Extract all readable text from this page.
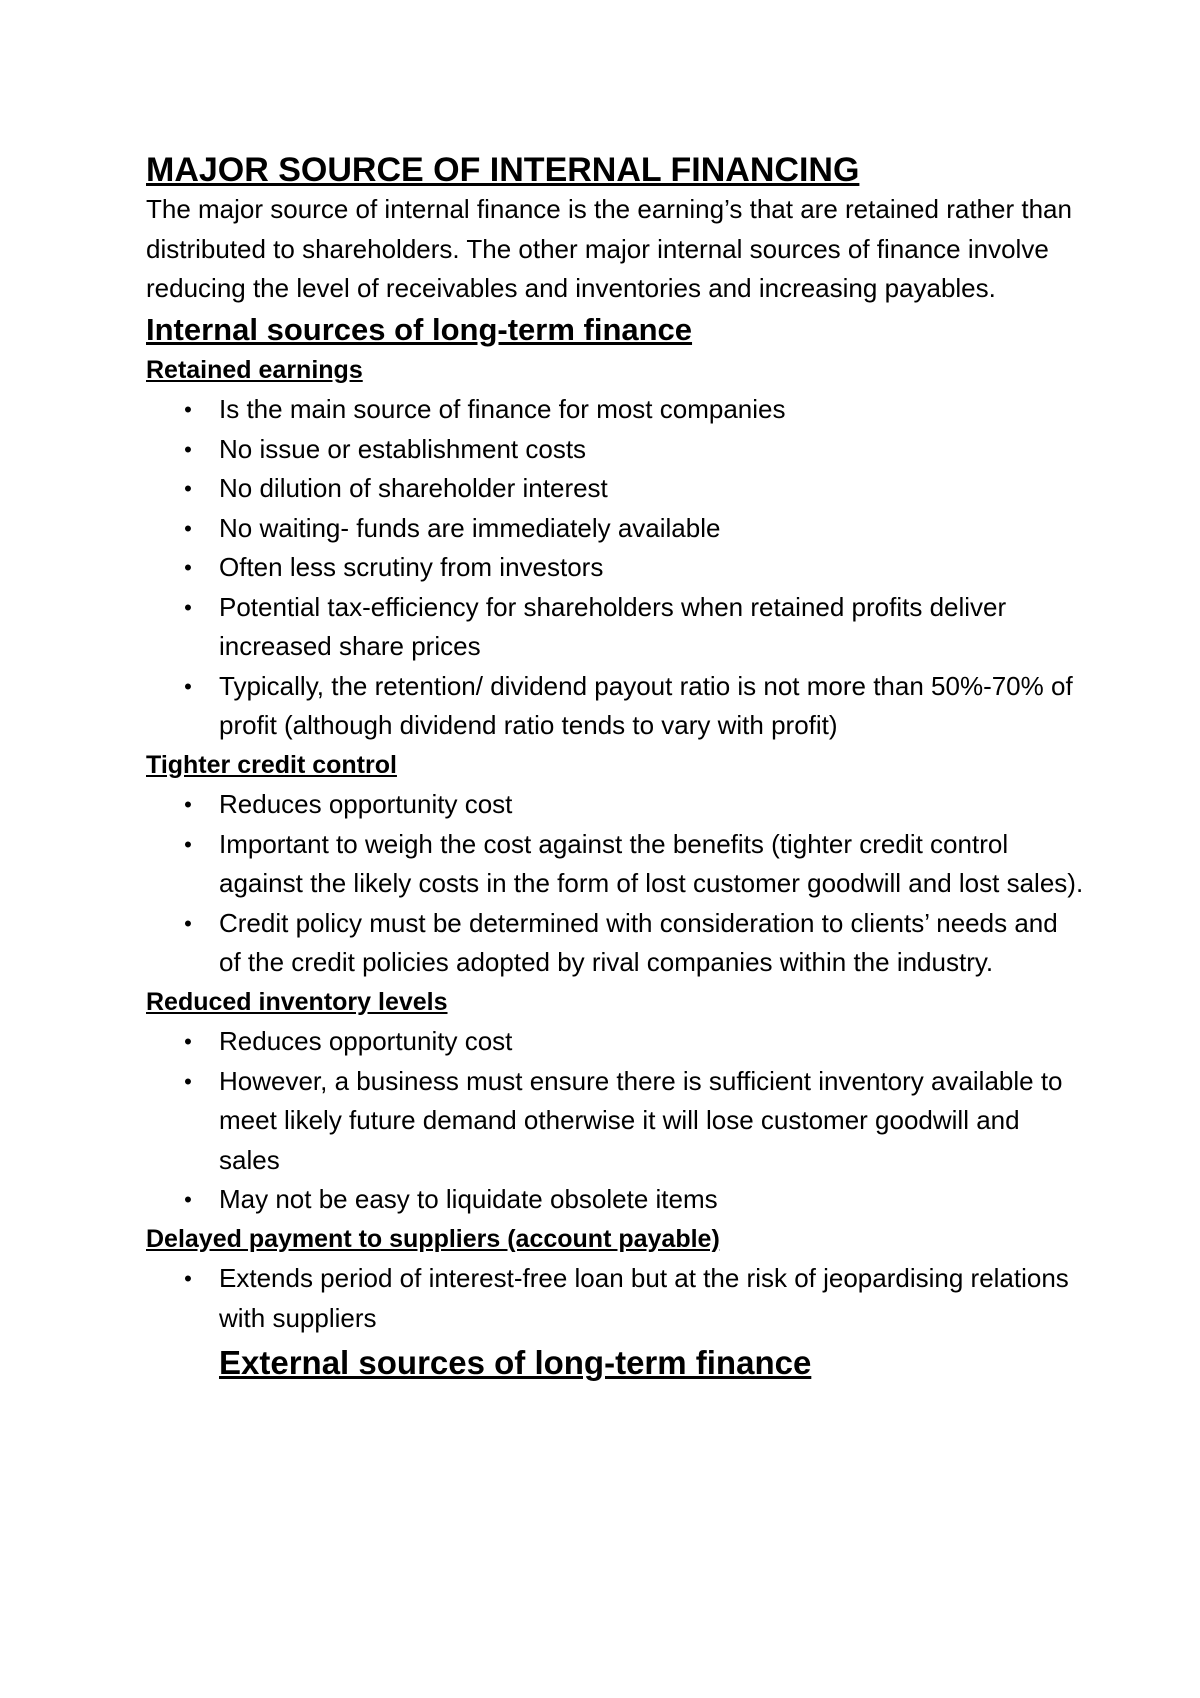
MAJOR SOURCE OF INTERNAL FINANCING

The major source of internal finance is the earning’s that are retained rather than distributed to shareholders. The other major internal sources of finance involve reducing the level of receivables and inventories and increasing payables.

Internal sources of long-term finance
Retained earnings
• Is the main source of finance for most companies
• No issue or establishment costs
• No dilution of shareholder interest
• No waiting- funds are immediately available
• Often less scrutiny from investors
• Potential tax-efficiency for shareholders when retained profits deliver increased share prices
• Typically, the retention/ dividend payout ratio is not more than 50%-70% of profit (although dividend ratio tends to vary with profit)
Tighter credit control
• Reduces opportunity cost
• Important to weigh the cost against the benefits (tighter credit control against the likely costs in the form of lost customer goodwill and lost sales).
• Credit policy must be determined with consideration to clients’ needs and of the credit policies adopted by rival companies within the industry.
Reduced inventory levels
• Reduces opportunity cost
• However, a business must ensure there is sufficient inventory available to meet likely future demand otherwise it will lose customer goodwill and sales
• May not be easy to liquidate obsolete items
Delayed payment to suppliers (account payable)
• Extends period of interest-free loan but at the risk of jeopardising relations with suppliers
External sources of long-term finance
